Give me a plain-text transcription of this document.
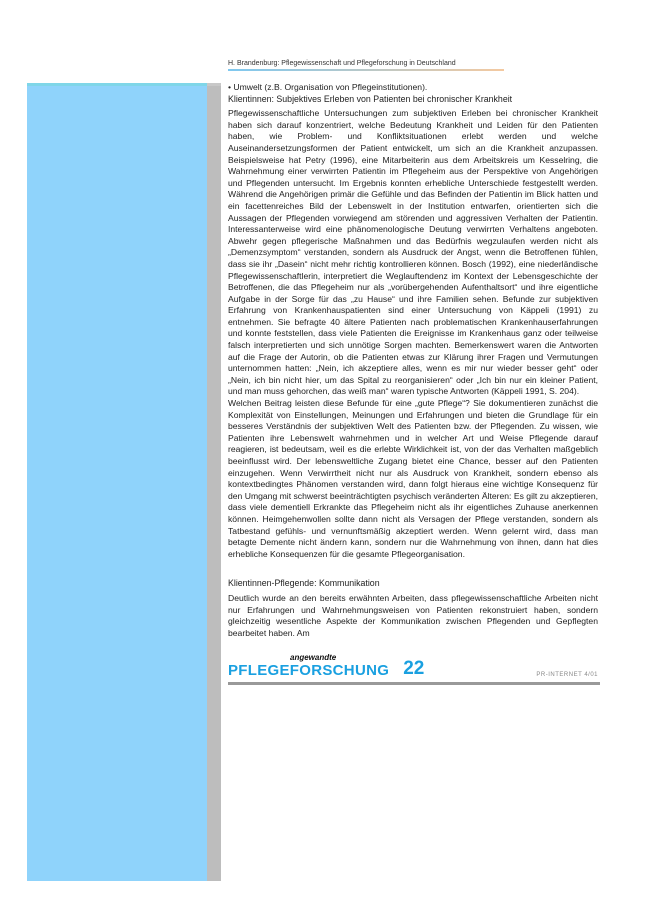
H. Brandenburg: Pflegewissenschaft und Pflegeforschung in Deutschland

• Umwelt (z.B. Organisation von Pflegeinstitutionen).

Klientinnen: Subjektives Erleben von Patienten bei chronischer Krankheit

Pflegewissenschaftliche Untersuchungen zum subjektiven Erleben bei chronischer Krankheit haben sich darauf konzentriert, welche Bedeutung Krankheit und Leiden für den Patienten haben, wie Problem- und Konfliktsituationen erlebt werden und welche Auseinandersetzungsformen der Patient entwickelt, um sich an die Krankheit anzupassen. Beispielsweise hat Petry (1996), eine Mitarbeiterin aus dem Arbeitskreis um Kesselring, die Wahrnehmung einer verwirrten Patientin im Pflegeheim aus der Perspektive von Angehörigen und Pflegenden untersucht. Im Ergebnis konnten erhebliche Unterschiede festgestellt werden. Während die Angehörigen primär die Gefühle und das Befinden der Patientin im Blick hatten und ein facettenreiches Bild der Lebenswelt in der Institution entwarfen, orientierten sich die Aussagen der Pflegenden vorwiegend am störenden und aggressiven Verhalten der Patientin. Interessanterweise wird eine phänomenologische Deutung verwirrten Verhaltens angeboten. Abwehr gegen pflegerische Maßnahmen und das Bedürfnis wegzulaufen werden nicht als „Demenzsymptom“ verstanden, sondern als Ausdruck der Angst, wenn die Betroffenen fühlen, dass sie ihr „Dasein“ nicht mehr richtig kontrollieren können. Bosch (1992), eine niederländische Pflegewissenschaftlerin, interpretiert die Weglauftendenz im Kontext der Lebensgeschichte der Betroffenen, die das Pflegeheim nur als „vorübergehenden Aufenthaltsort“ und ihre eigentliche Aufgabe in der Sorge für das „zu Hause“ und ihre Familien sehen. Befunde zur subjektiven Erfahrung von Krankenhauspatienten sind einer Untersuchung von Käppeli (1991) zu entnehmen. Sie befragte 40 ältere Patienten nach problematischen Krankenhauserfahrungen und konnte feststellen, dass viele Patienten die Ereignisse im Krankenhaus ganz oder teilweise falsch interpretierten und sich unnötige Sorgen machten. Bemerkenswert waren die Antworten auf die Frage der Autorin, ob die Patienten etwas zur Klärung ihrer Fragen und Vermutungen unternommen hatten: „Nein, ich akzeptiere alles, wenn es mir nur wieder besser geht“ oder „Nein, ich bin nicht hier, um das Spital zu reorganisieren“ oder „Ich bin nur ein kleiner Patient, und man muss gehorchen, das weiß man“ waren typische Antworten (Käppeli 1991, S. 204).

Welchen Beitrag leisten diese Befunde für eine „gute Pflege“? Sie dokumentieren zunächst die Komplexität von Einstellungen, Meinungen und Erfahrungen und bieten die Grundlage für ein besseres Verständnis der subjektiven Welt des Patienten bzw. der Pflegenden. Zu wissen, wie Patienten ihre Lebenswelt wahrnehmen und in welcher Art und Weise Pflegende darauf reagieren, ist bedeutsam, weil es die erlebte Wirklichkeit ist, von der das Verhalten maßgeblich beeinflusst wird. Der lebensweltliche Zugang bietet eine Chance, besser auf den Patienten einzugehen. Wenn Verwirrtheit nicht nur als Ausdruck von Krankheit, sondern ebenso als kontextbedingtes Phänomen verstanden wird, dann folgt hieraus eine wichtige Konsequenz für den Umgang mit schwerst beeinträchtigten psychisch veränderten Älteren: Es gilt zu akzeptieren, dass viele dementiell Erkrankte das Pflegeheim nicht als ihr eigentliches Zuhause anerkennen können. Heimgehenwollen sollte dann nicht als Versagen der Pflege verstanden, sondern als Tatbestand gefühls- und vernunftsmäßig akzeptiert werden. Wenn gelernt wird, dass man betagte Demente nicht ändern kann, sondern nur die Wahrnehmung von ihnen, dann hat dies erhebliche Konsequenzen für die gesamte Pflegeorganisation.

Klientinnen-Pflegende: Kommunikation

Deutlich wurde an den bereits erwähnten Arbeiten, dass pflegewissenschaftliche Arbeiten nicht nur Erfahrungen und Wahrnehmungsweisen von Patienten rekonstruiert haben, sondern gleichzeitig wesentliche Aspekte der Kommunikation zwischen Pflegenden und Gepflegten bearbeitet haben. Am

angewandte
PFLEGEFORSCHUNG 22	PR-INTERNET 4/01
